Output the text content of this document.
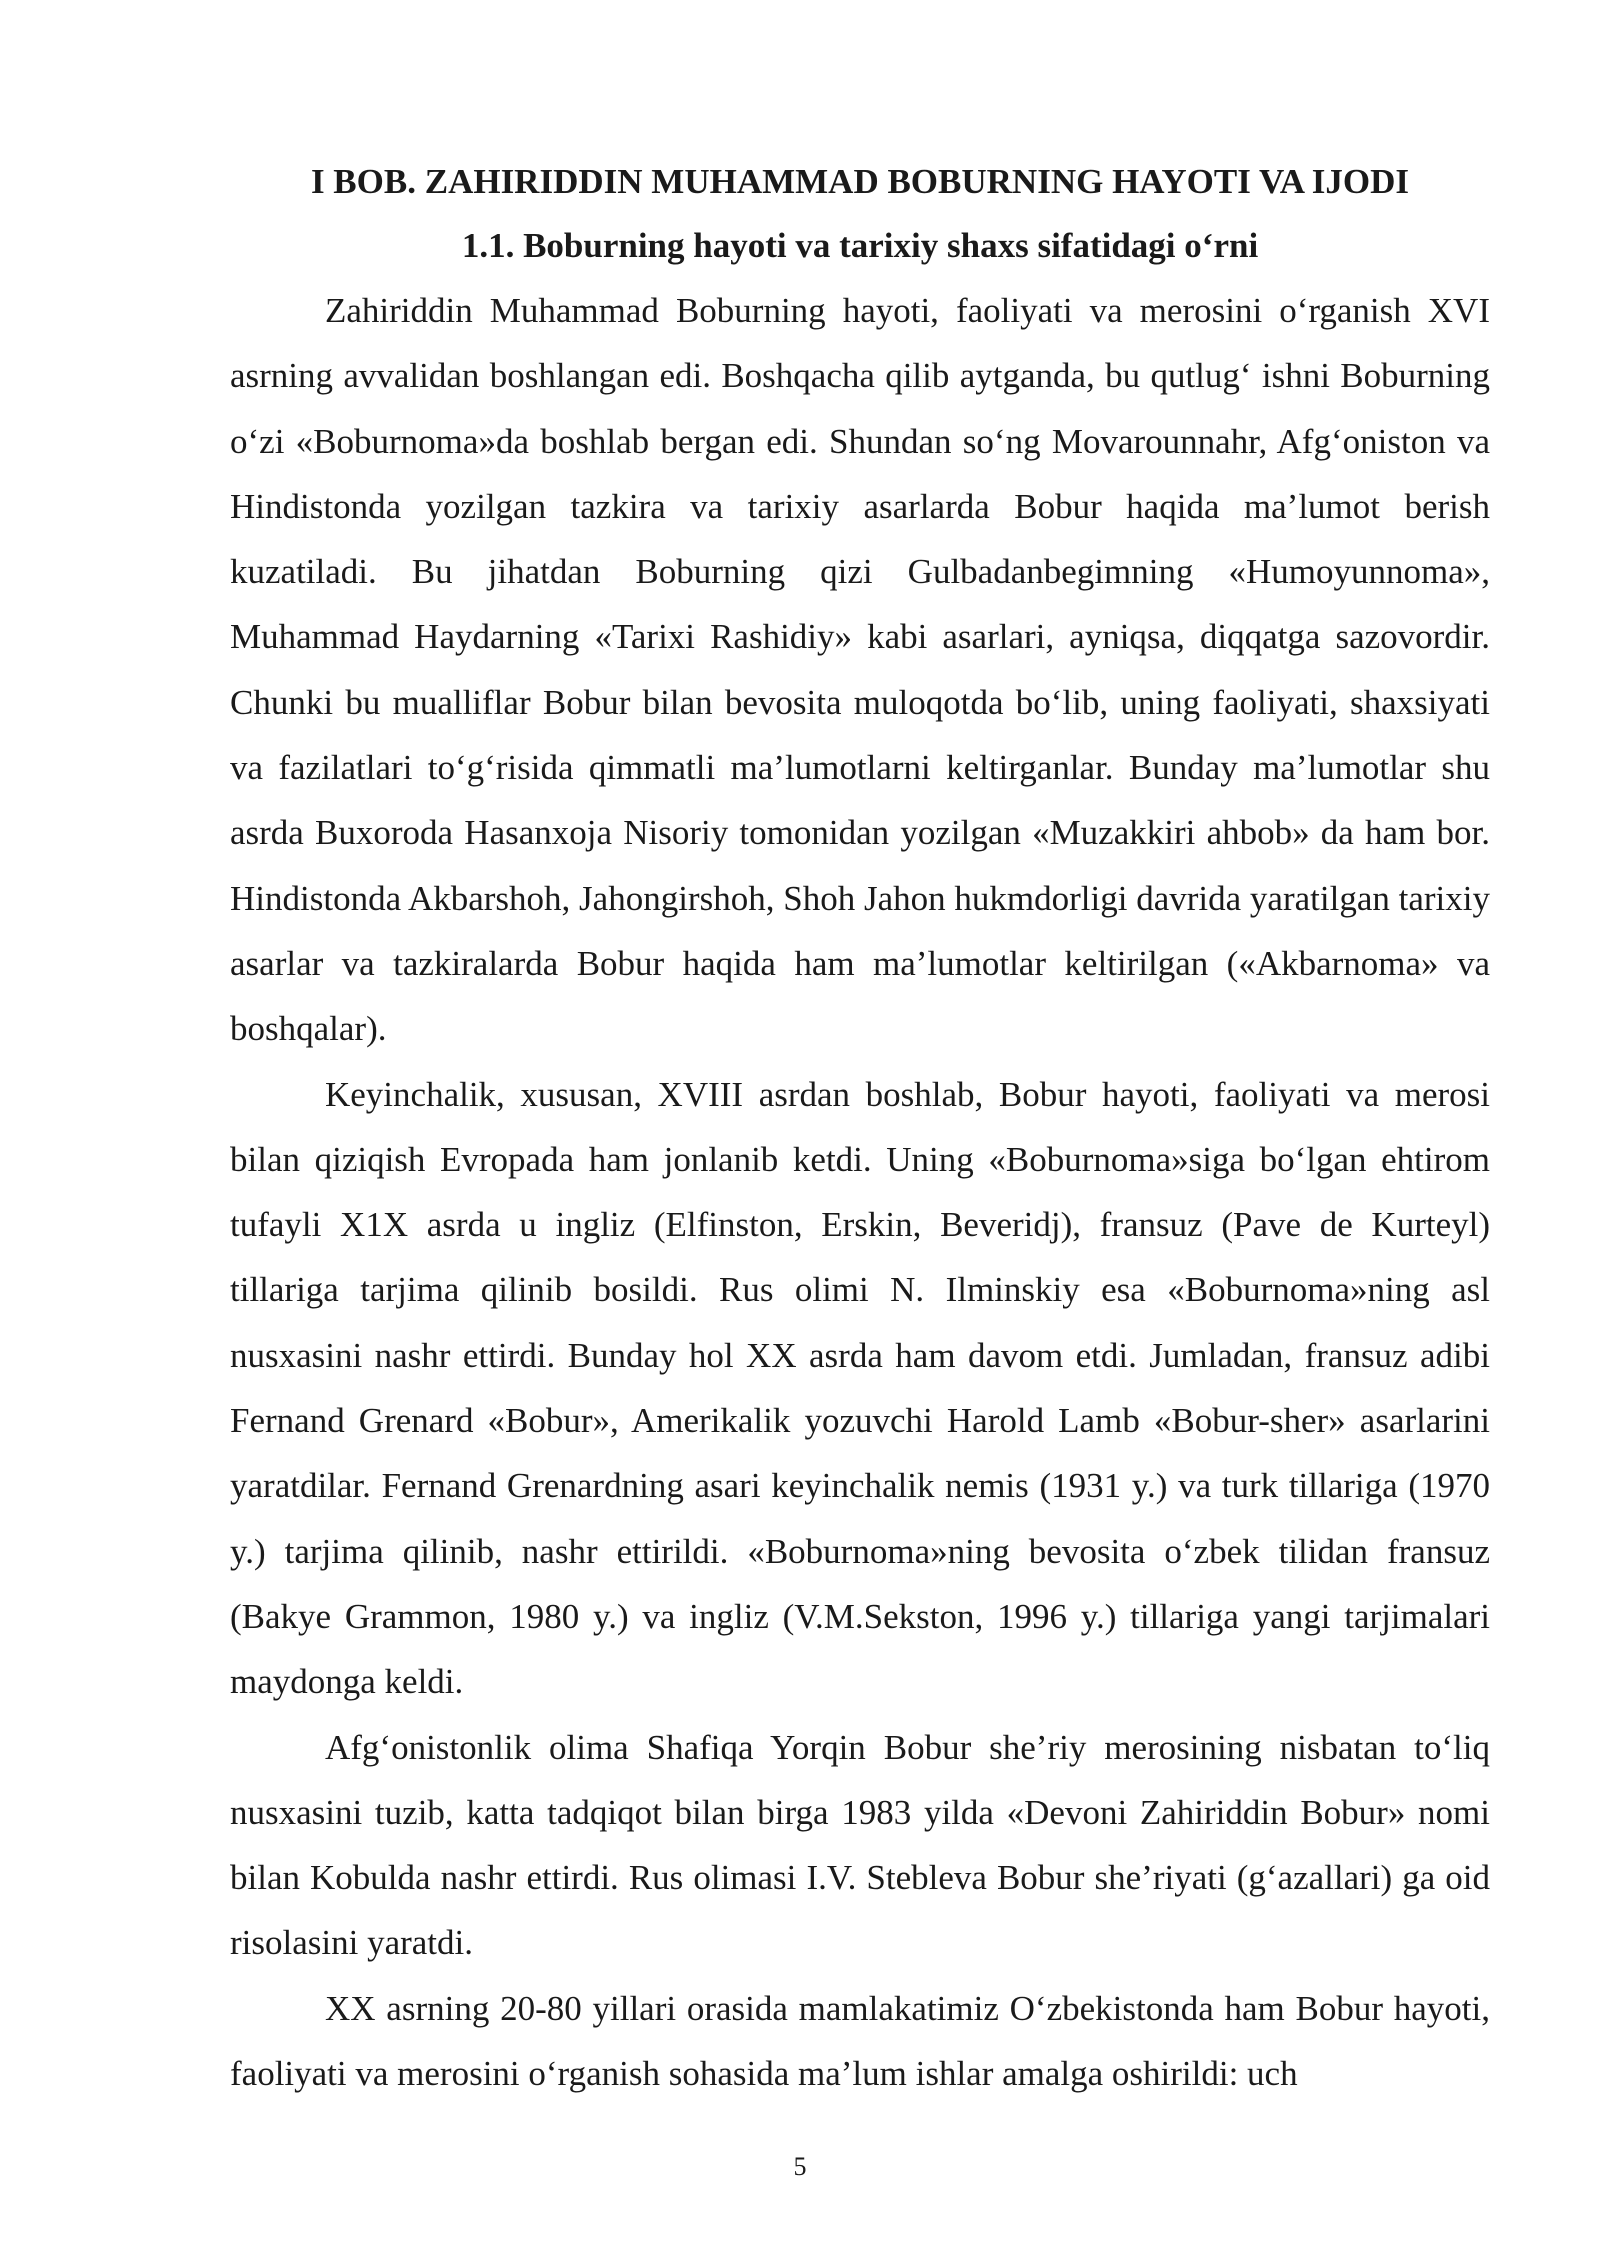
I BOB. ZAHIRIDDIN MUHAMMAD BOBURNING HAYOTI VA IJODI
1.1. Boburning hayoti va tarixiy shaxs sifatidagi o‘rni

Zahiriddin Muhammad Boburning hayoti, faoliyati va merosini o‘rganish XVI asrning avvalidan boshlangan edi. Boshqacha qilib aytganda, bu qutlug‘ ishni Boburning o‘zi «Boburnoma»da boshlab bergan edi. Shundan so‘ng Movarounnahr, Afg‘oniston va Hindistonda yozilgan tazkira va tarixiy asarlarda Bobur haqida ma’lumot berish kuzatiladi. Bu jihatdan Boburning qizi Gulbadanbegimning «Humoyunnoma», Muhammad Haydarning «Tarixi Rashidiy» kabi asarlari, ayniqsa, diqqatga sazovordir. Chunki bu mualliflar Bobur bilan bevosita muloqotda bo‘lib, uning faoliyati, shaxsiyati va fazilatlari to‘g‘risida qimmatli ma’lumotlarni keltirganlar. Bunday ma’lumotlar shu asrda Buxoroda Hasanxoja Nisoriy tomonidan yozilgan «Muzakkiri ahbob» da ham bor. Hindistonda Akbarshoh, Jahongirshoh, Shoh Jahon hukmdorligi davrida yaratilgan tarixiy asarlar va tazkiralarda Bobur haqida ham ma’lumotlar keltirilgan («Akbarnoma» va boshqalar).

Keyinchalik, xususan, XVIII asrdan boshlab, Bobur hayoti, faoliyati va merosi bilan qiziqish Evropada ham jonlanib ketdi. Uning «Boburnoma»siga bo‘lgan ehtirom tufayli X1X asrda u ingliz (Elfinston, Erskin, Beveridj), fransuz (Pave de Kurteyl) tillariga tarjima qilinib bosildi. Rus olimi N. Ilminskiy esa «Boburnoma»ning asl nusxasini nashr ettirdi. Bunday hol XX asrda ham davom etdi. Jumladan, fransuz adibi Fernand Grenard «Bobur», Amerikalik yozuvchi Harold Lamb «Bobur-sher» asarlarini yaratdilar. Fernand Grenardning asari keyinchalik nemis (1931 y.) va turk tillariga (1970 y.) tarjima qilinib, nashr ettirildi. «Boburnoma»ning bevosita o‘zbek tilidan fransuz (Bakye Grammon, 1980 y.) va ingliz (V.M.Sekston, 1996 y.) tillariga yangi tarjimalari maydonga keldi.

Afg‘onistonlik olima Shafiqa Yorqin Bobur she’riy merosining nisbatan to‘liq nusxasini tuzib, katta tadqiqot bilan birga 1983 yilda «Devoni Zahiriddin Bobur» nomi bilan Kobulda nashr ettirdi. Rus olimasi I.V. Stebleva Bobur she’riyati (g‘azallari) ga oid risolasini yaratdi.

XX asrning 20-80 yillari orasida mamlakatimiz O‘zbekistonda ham Bobur hayoti, faoliyati va merosini o‘rganish sohasida ma’lum ishlar amalga oshirildi: uch

5
